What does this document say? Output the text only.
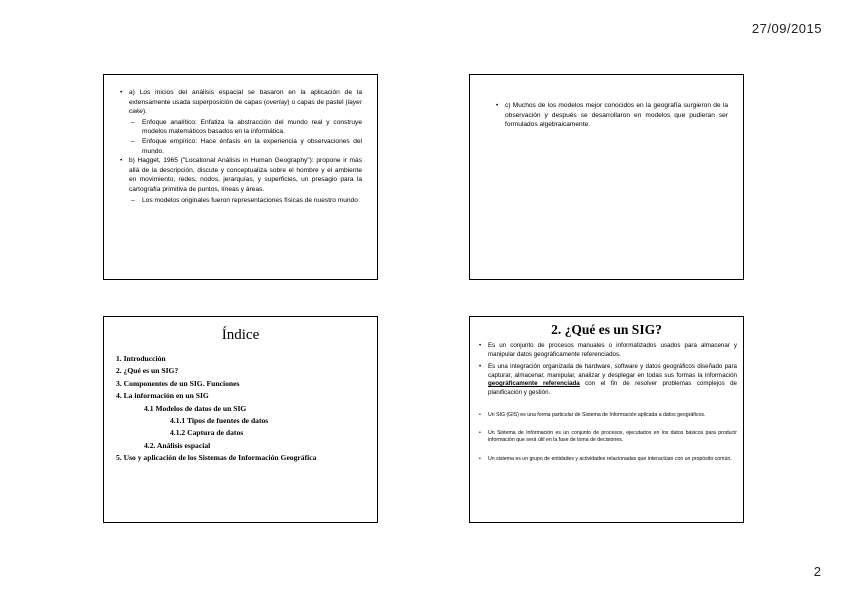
27/09/2015
• a) Los inicios del análisis espacial se basaron en la aplicación de la extensamente usada superposición de capas (overlay) o capas de pastel (layer cake).
– Enfoque analítico: Enfatiza la abstracción del mundo real y construye modelos matemáticos basados en la informática.
– Enfoque empírico: Hace énfasis en la experiencia y observaciones del mundo.
• b) Hagget, 1965 ("Locational Análisis in Human Geography"): propone ir más allá de la descripción, discute y conceptualiza sobre el hombre y el ambiente en movimiento, redes, nodos, jerarquías, y superficies, un presagio para la cartografía primitiva de puntos, líneas y áreas.
– Los modelos originales fueron representaciones físicas de nuestro mundo
• c) Muchos de los modelos mejor conocidos en la geografía surgieron de la observación y después se desarrollaron en modelos que pudieran ser formulados algebraicamente.
Índice
1. Introducción
2. ¿Qué es un SIG?
3. Componentes de un SIG. Funciones
4. La información en un SIG
4.1 Modelos de datos de un SIG
4.1.1 Tipos de fuentes de datos
4.1.2 Captura de datos
4.2. Análisis espacial
5. Uso y aplicación de los Sistemas de Información Geográfica
2. ¿Qué es un SIG?
• Es un conjunto de procesos manuales o informatizados usados para almacenar y manipular datos geográficamente referenciados.
• Es una integración organizada de hardware, software y datos geográficos diseñado para capturar, almacenar, manipular, analizar y desplegar en todas sus formas la información geográficamente referenciada con el fin de resolver problemas complejos de planificación y gestión.
• Un SIG (GIS) es una forma particular de Sistema de Información aplicada a datos geográficos.
• Un Sistema de Información es un conjunto de procesos, ejecutados en los datos básicos para producir información que será útil en la fase de toma de decisiones.
• Un sistema es un grupo de entidades y actividades relacionadas que interactúan con un propósito común.
2
